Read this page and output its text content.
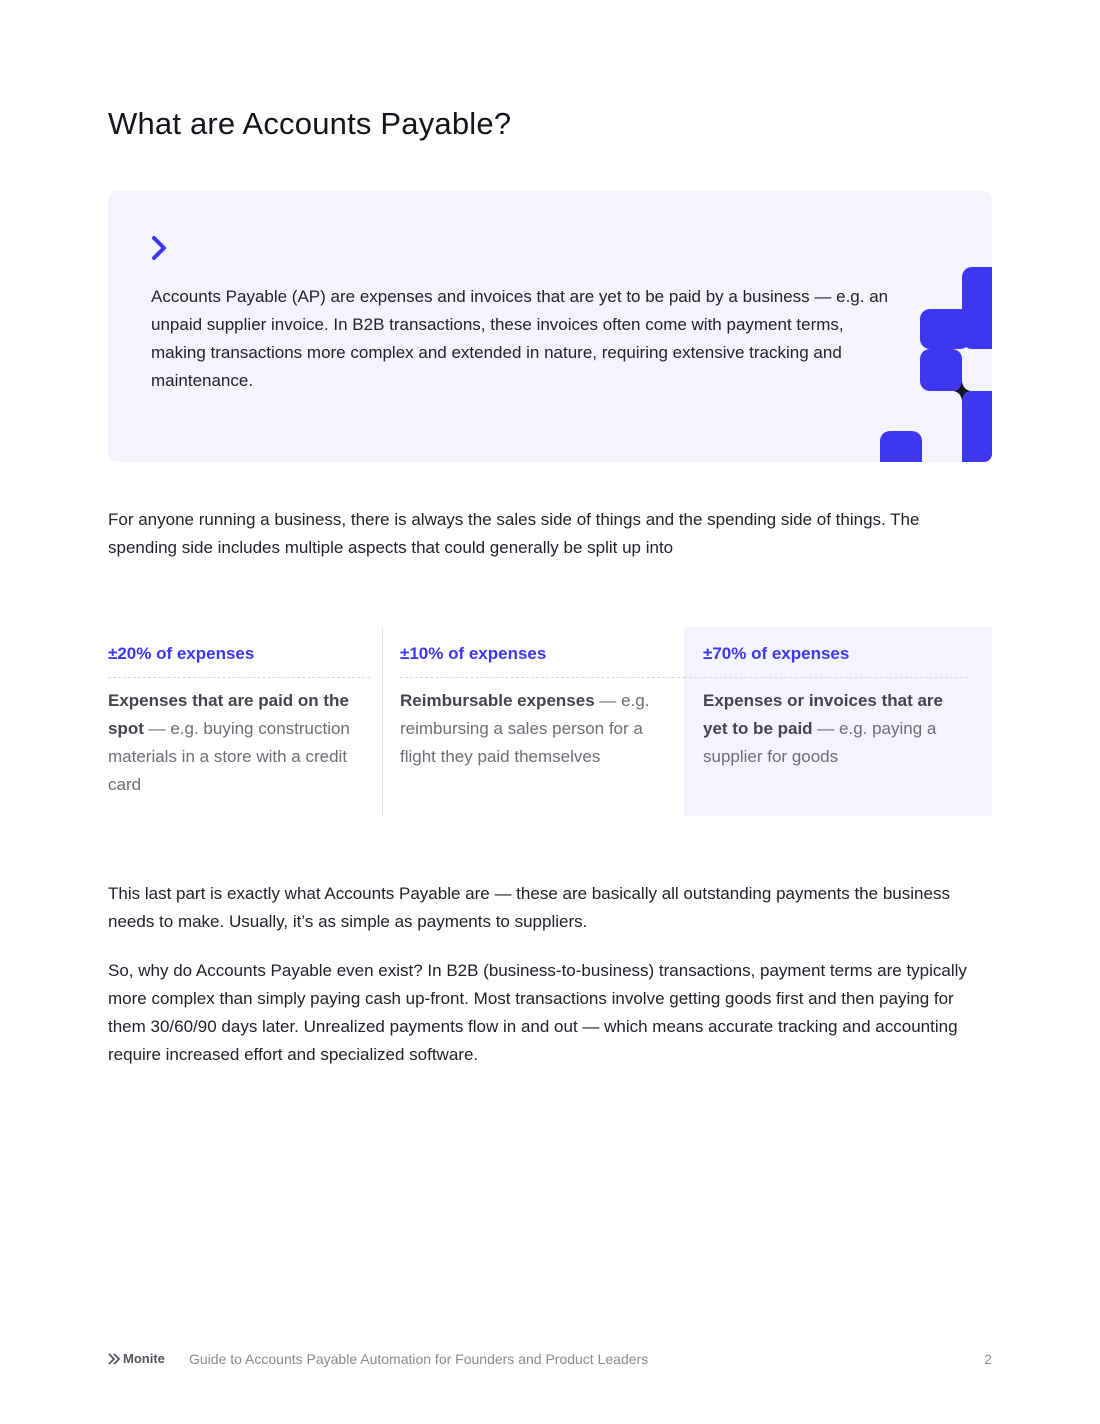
What are Accounts Payable?

Accounts Payable (AP) are expenses and invoices that are yet to be paid by a business — e.g. an unpaid supplier invoice. In B2B transactions, these invoices often come with payment terms, making transactions more complex and extended in nature, requiring extensive tracking and maintenance.

For anyone running a business, there is always the sales side of things and the spending side of things. The spending side includes multiple aspects that could generally be split up into

±20% of expenses

Expenses that are paid on the spot — e.g. buying construction materials in a store with a credit card

±10% of expenses

Reimbursable expenses — e.g. reimbursing a sales person for a flight they paid themselves

±70% of expenses

Expenses or invoices that are yet to be paid — e.g. paying a supplier for goods

This last part is exactly what Accounts Payable are — these are basically all outstanding payments the business needs to make. Usually, it’s as simple as payments to suppliers.

So, why do Accounts Payable even exist? In B2B (business-to-business) transactions, payment terms are typically more complex than simply paying cash up-front. Most transactions involve getting goods first and then paying for them 30/60/90 days later. Unrealized payments flow in and out — which means accurate tracking and accounting require increased effort and specialized software.

Monite Guide to Accounts Payable Automation for Founders and Product Leaders	2
